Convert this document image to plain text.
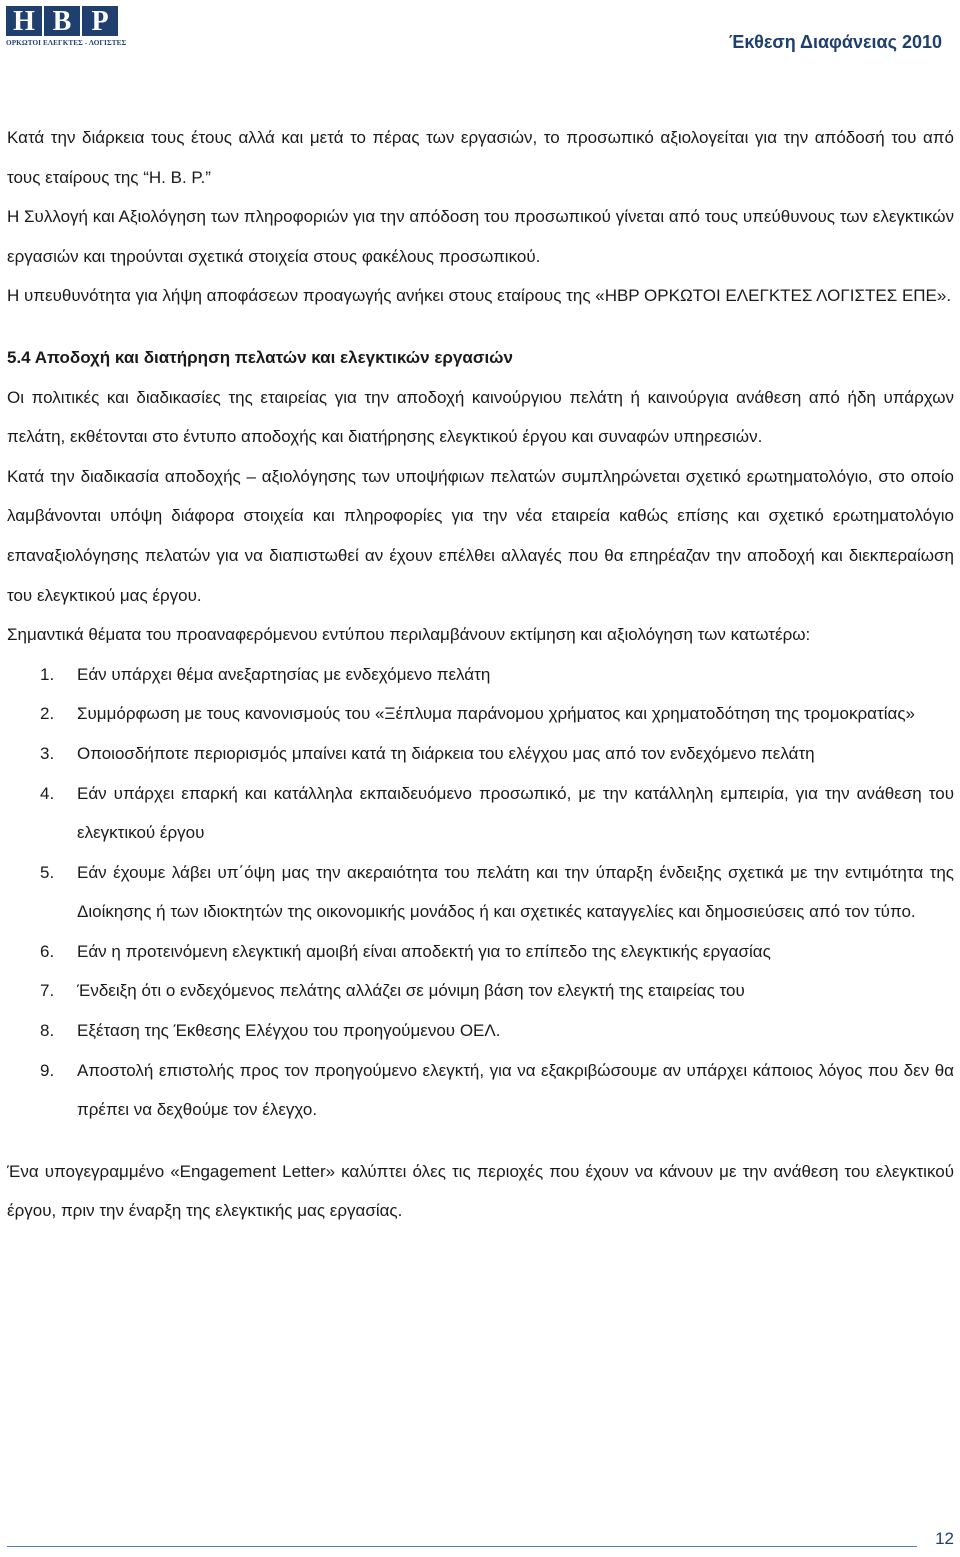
H B P
ΟΡΚΩΤΟΙ ΕΛΕΓΚΤΕΣ - ΛΟΓΙΣΤΕΣ	Έκθεση Διαφάνειας 2010

Κατά την διάρκεια τους έτους αλλά και μετά το πέρας των εργασιών, το προσωπικό αξιολογείται για την απόδοσή του από τους εταίρους της “Η. Β. Ρ.”

Η Συλλογή και Αξιολόγηση των πληροφοριών για την απόδοση του προσωπικού γίνεται από τους υπεύθυνους των ελεγκτικών εργασιών και τηρούνται σχετικά στοιχεία στους φακέλους προσωπικού.

Η υπευθυνότητα για λήψη αποφάσεων προαγωγής ανήκει στους εταίρους της «HBP ΟΡΚΩΤΟΙ ΕΛΕΓΚΤΕΣ ΛΟΓΙΣΤΕΣ ΕΠΕ».

5.4 Αποδοχή και διατήρηση πελατών και ελεγκτικών εργασιών

Οι πολιτικές και διαδικασίες της εταιρείας για την αποδοχή καινούργιου πελάτη ή καινούργια ανάθεση από ήδη υπάρχων πελάτη, εκθέτονται στο έντυπο αποδοχής και διατήρησης ελεγκτικού έργου και συναφών υπηρεσιών.

Κατά την διαδικασία αποδοχής – αξιολόγησης των υποψήφιων πελατών συμπληρώνεται σχετικό ερωτηματολόγιο, στο οποίο λαμβάνονται υπόψη διάφορα στοιχεία και πληροφορίες για την νέα εταιρεία καθώς επίσης και σχετικό ερωτηματολόγιο επαναξιολόγησης πελατών για να διαπιστωθεί αν έχουν επέλθει αλλαγές που θα επηρέαζαν την αποδοχή και διεκπεραίωση του ελεγκτικού μας έργου.

Σημαντικά θέματα του προαναφερόμενου εντύπου περιλαμβάνουν εκτίμηση και αξιολόγηση των κατωτέρω:

1. Εάν υπάρχει θέμα ανεξαρτησίας με ενδεχόμενο πελάτη
2. Συμμόρφωση με τους κανονισμούς του «Ξέπλυμα παράνομου χρήματος και χρηματοδότηση της τρομοκρατίας»
3. Οποιοσδήποτε περιορισμός μπαίνει κατά τη διάρκεια του ελέγχου μας από τον ενδεχόμενο πελάτη
4. Εάν υπάρχει επαρκή και κατάλληλα εκπαιδευόμενο προσωπικό, με την κατάλληλη εμπειρία, για την ανάθεση του ελεγκτικού έργου
5. Εάν έχουμε λάβει υπ΄όψη μας την ακεραιότητα του πελάτη και την ύπαρξη ένδειξης σχετικά με την εντιμότητα της Διοίκησης ή των ιδιοκτητών της οικονομικής μονάδος ή και σχετικές καταγγελίες και δημοσιεύσεις από τον τύπο.
6. Εάν η προτεινόμενη ελεγκτική αμοιβή είναι αποδεκτή για το επίπεδο της ελεγκτικής εργασίας
7. Ένδειξη ότι ο ενδεχόμενος πελάτης αλλάζει σε μόνιμη βάση τον ελεγκτή της εταιρείας του
8. Εξέταση της Έκθεσης Ελέγχου του προηγούμενου ΟΕΛ.
9. Αποστολή επιστολής προς τον προηγούμενο ελεγκτή, για να εξακριβώσουμε αν υπάρχει κάποιος λόγος που δεν θα πρέπει να δεχθούμε τον έλεγχο.

Ένα υπογεγραμμένο «Engagement Letter» καλύπτει όλες τις περιοχές που έχουν να κάνουν με την ανάθεση του ελεγκτικού έργου, πριν την έναρξη της ελεγκτικής μας εργασίας.

12
